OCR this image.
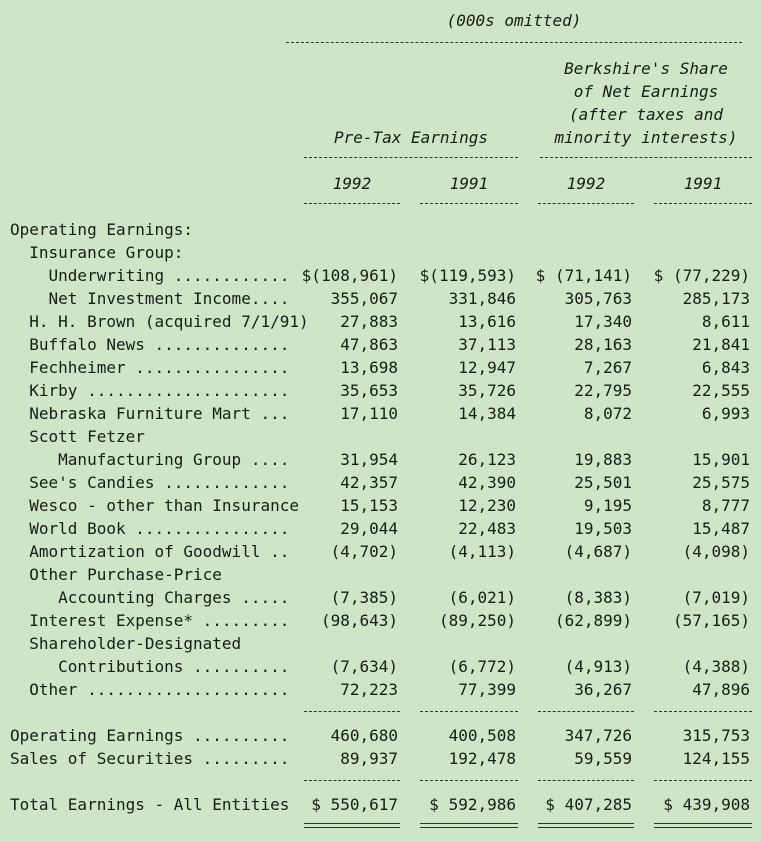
(000s omitted)
Berkshire's Share
of Net Earnings
(after taxes and
minority interests)
Pre-Tax Earnings
1992	1991	1992	1991
Operating Earnings:
Insurance Group:
Underwriting ............ $(108,961) $(119,593) $ (71,141) $ (77,229)
Net Investment Income....	355,067	331,846	305,763	285,173
H. H. Brown (acquired 7/1/91) 27,883	13,616	17,340	8,611
Buffalo News ..............	47,863	37,113	28,163	21,841
Fechheimer ................	13,698	12,947	7,267	6,843
Kirby .....................	35,653	35,726	22,795	22,555
Nebraska Furniture Mart ...	17,110	14,384	8,072	6,993
Scott Fetzer
Manufacturing Group ....	31,954	26,123	19,883	15,901
See's Candies .............	42,357	42,390	25,501	25,575
Wesco - other than Insurance	15,153	12,230	9,195	8,777
World Book ................	29,044	22,483	19,503	15,487
Amortization of Goodwill ..	(4,702)	(4,113)	(4,687)	(4,098)
Other Purchase-Price
Accounting Charges .....	(7,385)	(6,021)	(8,383)	(7,019)
Interest Expense* ......... (98,643)	(89,250) (62,899)	(57,165)
Shareholder-Designated
Contributions ..........	(7,634)	(6,772)	(4,913)	(4,388)
Other .....................	72,223	77,399	36,267	47,896
Operating Earnings ..........	460,680	400,508	347,726	315,753
Sales of Securities .........	89,937	192,478	59,559	124,155
Total Earnings - All Entities $ 550,617 $ 592,986 $ 407,285 $ 439,908
